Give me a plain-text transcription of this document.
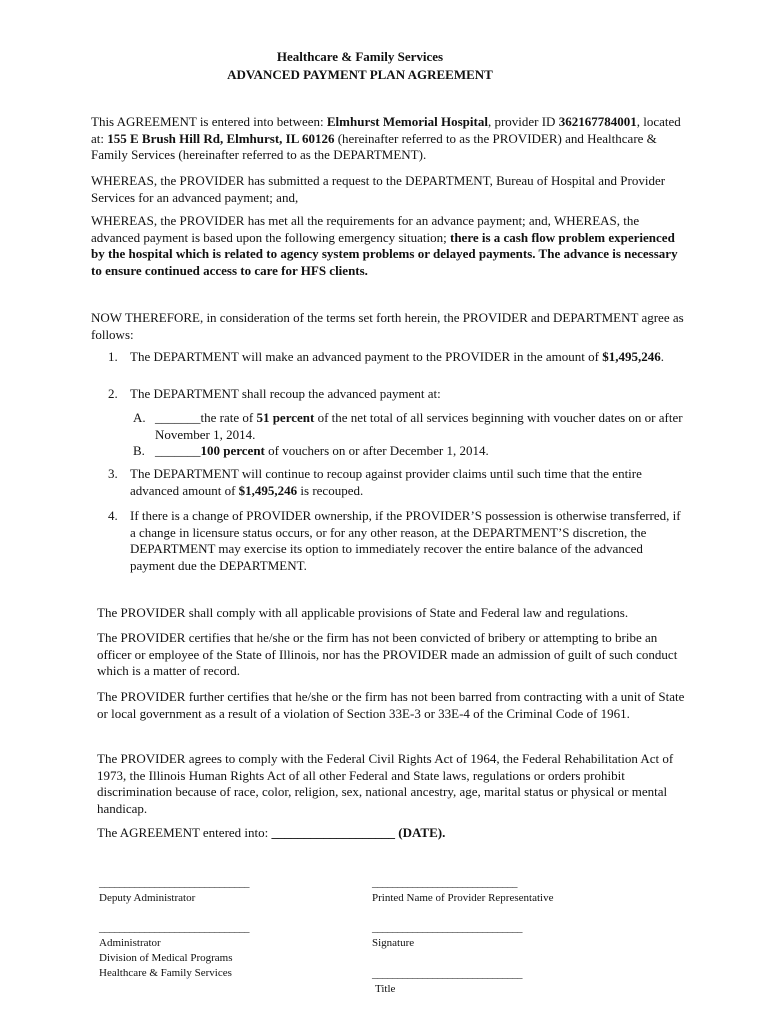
Healthcare & Family Services
ADVANCED PAYMENT PLAN AGREEMENT

This AGREEMENT is entered into between: Elmhurst Memorial Hospital, provider ID 362167784001, located at: 155 E Brush Hill Rd, Elmhurst, IL 60126 (hereinafter referred to as the PROVIDER) and Healthcare & Family Services (hereinafter referred to as the DEPARTMENT).

WHEREAS, the PROVIDER has submitted a request to the DEPARTMENT, Bureau of Hospital and Provider Services for an advanced payment; and,

WHEREAS, the PROVIDER has met all the requirements for an advance payment; and, WHEREAS, the advanced payment is based upon the following emergency situation; there is a cash flow problem experienced by the hospital which is related to agency system problems or delayed payments. The advance is necessary to ensure continued access to care for HFS clients.

NOW THEREFORE, in consideration of the terms set forth herein, the PROVIDER and DEPARTMENT agree as follows:

1. The DEPARTMENT will make an advanced payment to the PROVIDER in the amount of $1,495,246.

2. The DEPARTMENT shall recoup the advanced payment at:

A. _______the rate of 51 percent of the net total of all services beginning with voucher dates on or after November 1, 2014.

B. _______100 percent of vouchers on or after December 1, 2014.

3. The DEPARTMENT will continue to recoup against provider claims until such time that the entire advanced amount of $1,495,246 is recouped.

4. If there is a change of PROVIDER ownership, if the PROVIDER’S possession is otherwise transferred, if a change in licensure status occurs, or for any other reason, at the DEPARTMENT’S discretion, the DEPARTMENT may exercise its option to immediately recover the entire balance of the advanced payment due the DEPARTMENT.

The PROVIDER shall comply with all applicable provisions of State and Federal law and regulations.

The PROVIDER certifies that he/she or the firm has not been convicted of bribery or attempting to bribe an officer or employee of the State of Illinois, nor has the PROVIDER made an admission of guilt of such conduct which is a matter of record.

The PROVIDER further certifies that he/she or the firm has not been barred from contracting with a unit of State or local government as a result of a violation of Section 33E-3 or 33E-4 of the Criminal Code of 1961.

The PROVIDER agrees to comply with the Federal Civil Rights Act of 1964, the Federal Rehabilitation Act of 1973, the Illinois Human Rights Act of all other Federal and State laws, regulations or orders prohibit discrimination because of race, color, religion, sex, national ancestry, age, marital status or physical or mental handicap.

The AGREEMENT entered into: ___________________ (DATE).

______________________________
Deputy Administrator
_____________________________
Printed Name of Provider Representative
______________________________
Administrator
Division of Medical Programs
Healthcare & Family Services
______________________________
Signature
______________________________
Title
